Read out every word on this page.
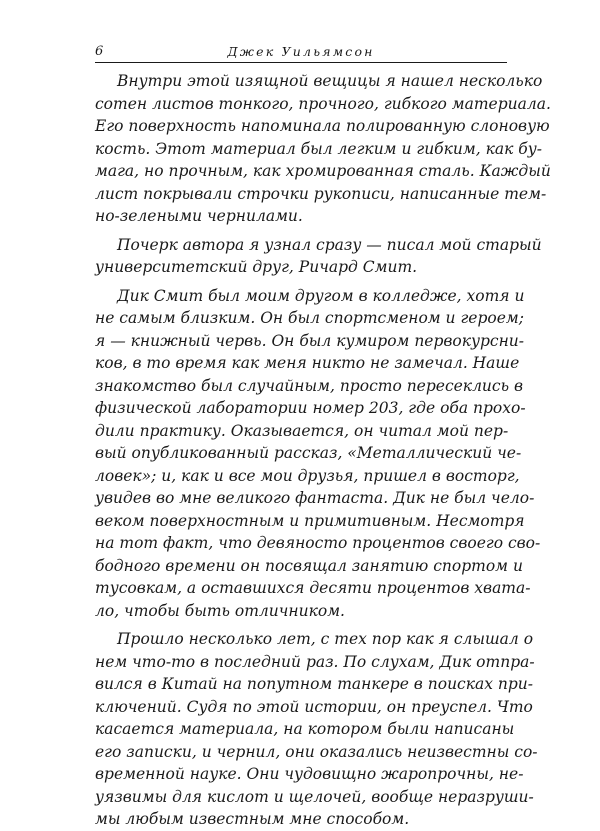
6	Джек Уильямсон
Внутри этой изящной вещицы я нашел несколько
сотен листов тонкого, прочного, гибкого материала.
Его поверхность напоминала полированную слоновую
кость. Этот материал был легким и гибким, как бу-
мага, но прочным, как хромированная сталь. Каждый
лист покрывали строчки рукописи, написанные тем-
но-зелеными чернилами.
Почерк автора я узнал сразу — писал мой старый
университетский друг, Ричард Смит.
Дик Смит был моим другом в колледже, хотя и
не самым близким. Он был спортсменом и героем;
я — книжный червь. Он был кумиром первокурсни-
ков, в то время как меня никто не замечал. Наше
знакомство был случайным, просто пересеклись в
физической лаборатории номер 203, где оба прохо-
дили практику. Оказывается, он читал мой пер-
вый опубликованный рассказ, «Металлический че-
ловек»; и, как и все мои друзья, пришел в восторг,
увидев во мне великого фантаста. Дик не был чело-
веком поверхностным и примитивным. Несмотря
на тот факт, что девяносто процентов своего сво-
бодного времени он посвящал занятию спортом и
тусовкам, а оставшихся десяти процентов хвата-
ло, чтобы быть отличником.
Прошло несколько лет, с тех пор как я слышал о
нем что-то в последний раз. По слухам, Дик отпра-
вился в Китай на попутном танкере в поисках при-
ключений. Судя по этой истории, он преуспел. Что
касается материала, на котором были написаны
его записки, и чернил, они оказались неизвестны со-
временной науке. Они чудовищно жаропрочны, не-
уязвимы для кислот и щелочей, вообще неразруши-
мы любым известным мне способом.
